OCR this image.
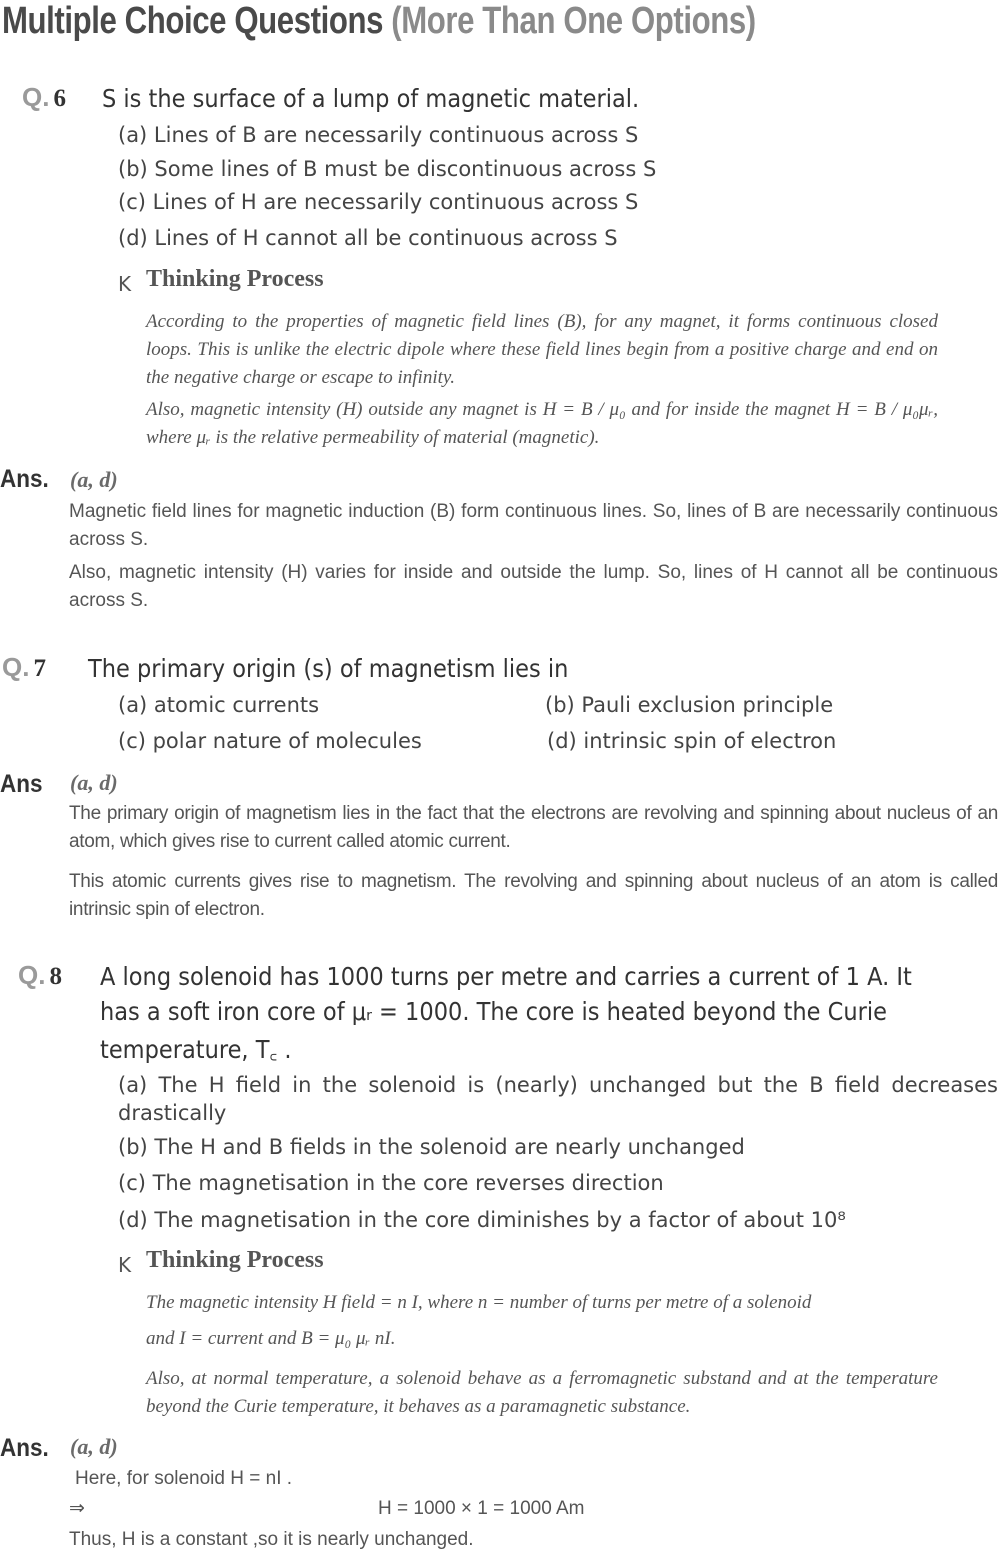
Multiple Choice Questions (More Than One Options)
Q. 6 S is the surface of a lump of magnetic material.
(a) Lines of B are necessarily continuous across S
(b) Some lines of B must be discontinuous across S
(c) Lines of H are necessarily continuous across S
(d) Lines of H cannot all be continuous across S
K Thinking Process
According to the properties of magnetic field lines (B), for any magnet, it forms continuous closed loops. This is unlike the electric dipole where these field lines begin from a positive charge and end on the negative charge or escape to infinity.
Also, magnetic intensity (H) outside any magnet is H = B / μ₀ and for inside the magnet H = B / μ₀μᵣ, where μᵣ is the relative permeability of material (magnetic).
Ans. (a, d)
Magnetic field lines for magnetic induction (B) form continuous lines. So, lines of B are necessarily continuous across S.
Also, magnetic intensity (H) varies for inside and outside the lump. So, lines of H cannot all be continuous across S.
Q. 7 The primary origin (s) of magnetism lies in
(a) atomic currents	(b) Pauli exclusion principle
(c) polar nature of molecules	(d) intrinsic spin of electron
Ans (a, d)
The primary origin of magnetism lies in the fact that the electrons are revolving and spinning about nucleus of an atom, which gives rise to current called atomic current.
This atomic currents gives rise to magnetism. The revolving and spinning about nucleus of an atom is called intrinsic spin of electron.
Q. 8 A long solenoid has 1000 turns per metre and carries a current of 1 A. It
has a soft iron core of μᵣ = 1000. The core is heated beyond the Curie
temperature, T꜀ .
(a) The H field in the solenoid is (nearly) unchanged but the B field decreases drastically
(b) The H and B fields in the solenoid are nearly unchanged
(c) The magnetisation in the core reverses direction
(d) The magnetisation in the core diminishes by a factor of about 10⁸
K Thinking Process
The magnetic intensity H field = n I, where n = number of turns per metre of a solenoid
and I = current and B = μ₀ μᵣ nI.
Also, at normal temperature, a solenoid behave as a ferromagnetic substand and at the temperature beyond the Curie temperature, it behaves as a paramagnetic substance.
Ans. (a, d)
Here, for solenoid H = nI .
⇒	H = 1000 × 1 = 1000 Am
Thus, H is a constant ,so it is nearly unchanged.
